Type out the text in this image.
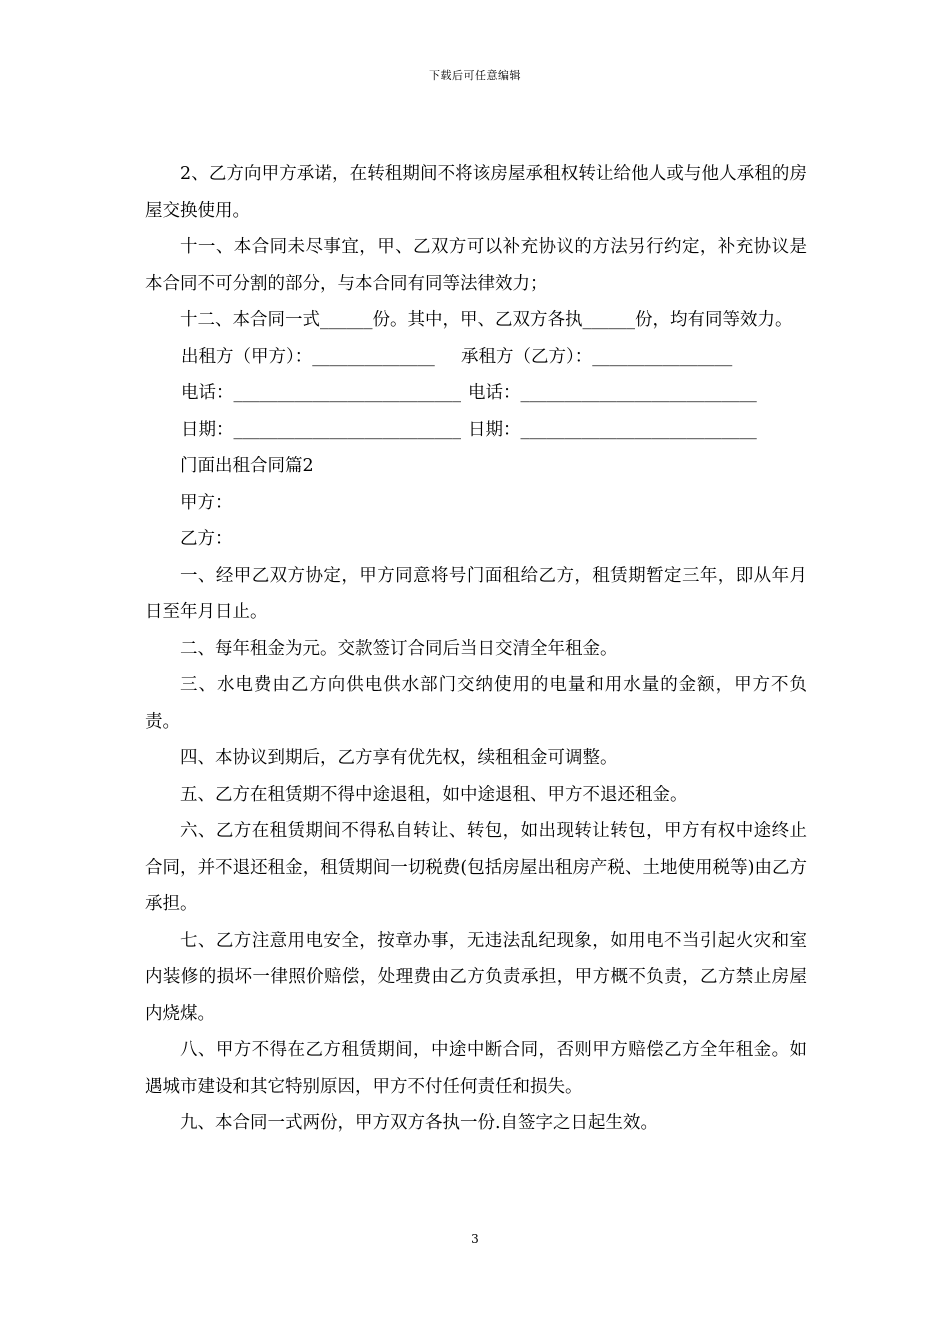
下载后可任意编辑

2、乙方向甲方承诺，在转租期间不将该房屋承租权转让给他人或与他人承租的房屋交换使用。

十一、本合同未尽事宜，甲、乙双方可以补充协议的方法另行约定，补充协议是本合同不可分割的部分，与本合同有同等法律效力；

十二、本合同一式______份。其中，甲、乙双方各执______份，均有同等效力。

出租方（甲方）：______________ 承租方（乙方）：________________
电话：__________________________ 电话：___________________________
日期：__________________________ 日期：___________________________

门面出租合同篇2

甲方：

乙方：

一、经甲乙双方协定，甲方同意将号门面租给乙方，租赁期暂定三年，即从年月日至年月日止。

二、每年租金为元。交款签订合同后当日交清全年租金。

三、水电费由乙方向供电供水部门交纳使用的电量和用水量的金额，甲方不负责。

四、本协议到期后，乙方享有优先权，续租租金可调整。

五、乙方在租赁期不得中途退租，如中途退租、甲方不退还租金。

六、乙方在租赁期间不得私自转让、转包，如出现转让转包，甲方有权中途终止合同，并不退还租金，租赁期间一切税费(包括房屋出租房产税、土地使用税等)由乙方承担。

七、乙方注意用电安全，按章办事，无违法乱纪现象，如用电不当引起火灾和室内装修的损坏一律照价赔偿，处理费由乙方负责承担，甲方概不负责，乙方禁止房屋内烧煤。

八、甲方不得在乙方租赁期间，中途中断合同，否则甲方赔偿乙方全年租金。如遇城市建设和其它特别原因，甲方不付任何责任和损失。

九、本合同一式两份，甲方双方各执一份.自签字之日起生效。

3
